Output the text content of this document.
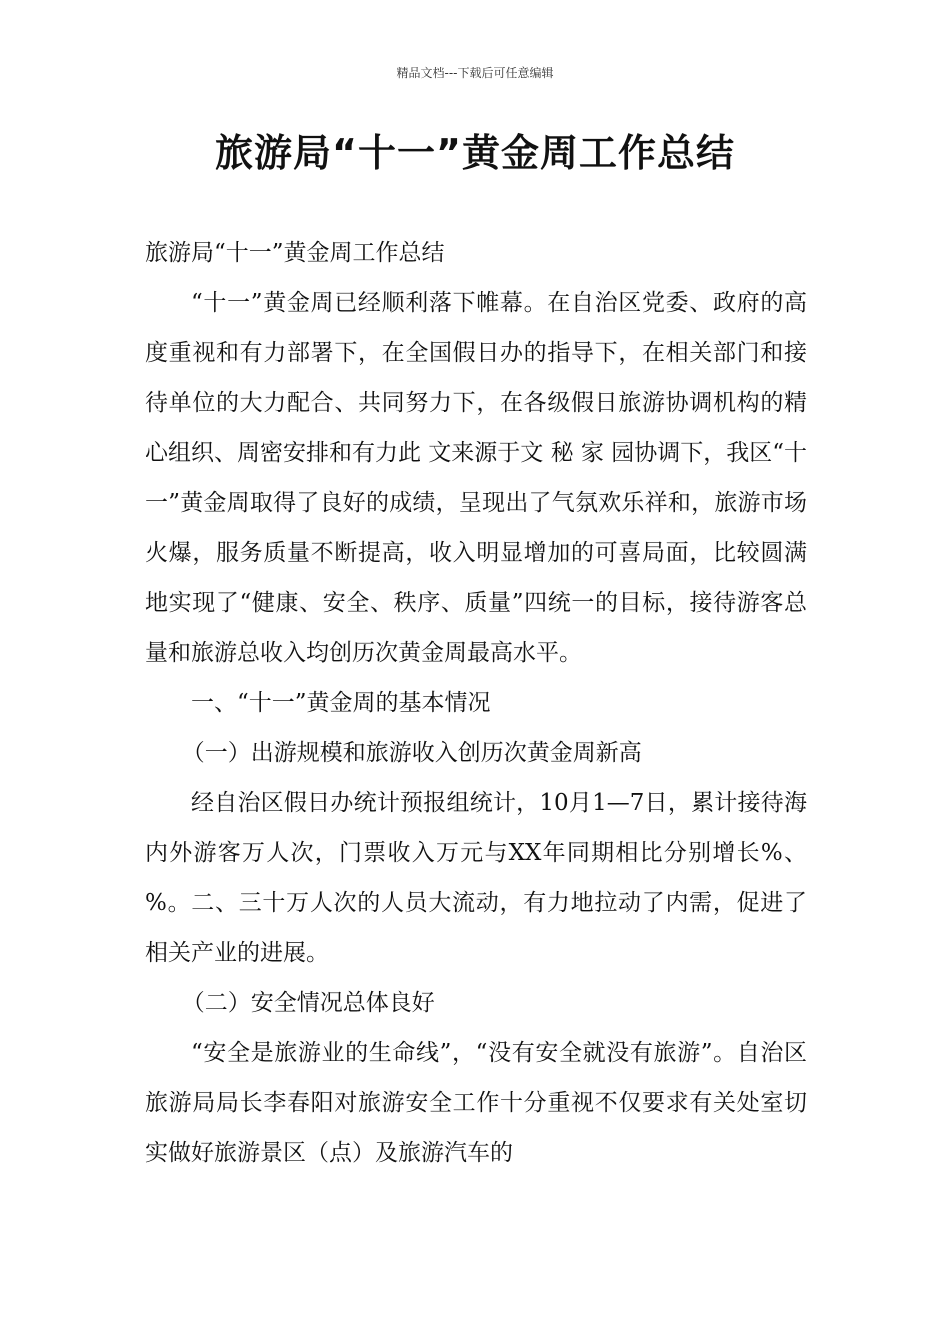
精品文档---下载后可任意编辑
旅游局“十一”黄金周工作总结

旅游局“十一”黄金周工作总结

“十一”黄金周已经顺利落下帷幕。在自治区党委、政府的高度重视和有力部署下，在全国假日办的指导下，在相关部门和接待单位的大力配合、共同努力下，在各级假日旅游协调机构的精心组织、周密安排和有力此 文来源于文 秘 家 园协调下，我区“十一”黄金周取得了良好的成绩，呈现出了气氛欢乐祥和，旅游市场火爆，服务质量不断提高，收入明显增加的可喜局面，比较圆满地实现了“健康、安全、秩序、质量”四统一的目标，接待游客总量和旅游总收入均创历次黄金周最高水平。

一、“十一”黄金周的基本情况

（一）出游规模和旅游收入创历次黄金周新高

经自治区假日办统计预报组统计，10月1—7日，累计接待海内外游客万人次，门票收入万元与XX年同期相比分别增长%、%。二、三十万人次的人员大流动，有力地拉动了内需，促进了相关产业的进展。

（二）安全情况总体良好

“安全是旅游业的生命线”，“没有安全就没有旅游”。自治区旅游局局长李春阳对旅游安全工作十分重视不仅要求有关处室切实做好旅游景区（点）及旅游汽车的
